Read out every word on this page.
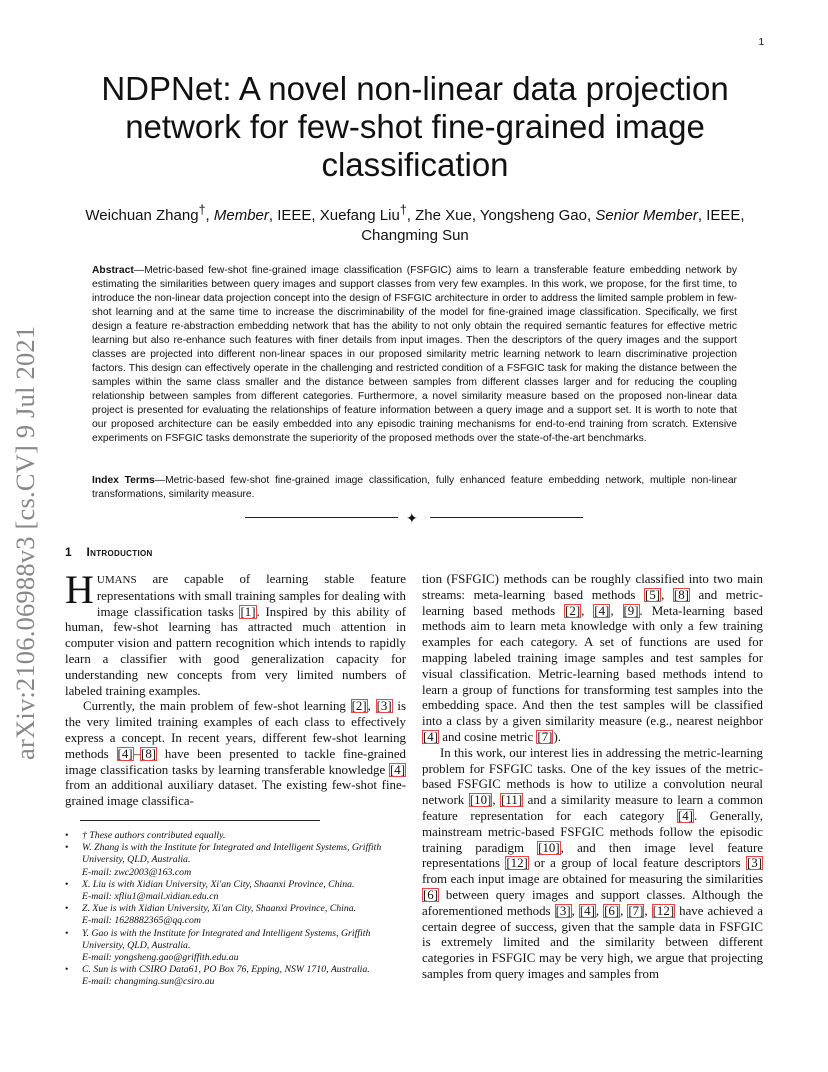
1
arXiv:2106.06988v3 [cs.CV] 9 Jul 2021
NDPNet: A novel non-linear data projection network for few-shot fine-grained image classification
Weichuan Zhang†, Member, IEEE, Xuefang Liu†, Zhe Xue, Yongsheng Gao, Senior Member, IEEE,
Changming Sun
Abstract—Metric-based few-shot fine-grained image classification (FSFGIC) aims to learn a transferable feature embedding network by estimating the similarities between query images and support classes from very few examples. In this work, we propose, for the first time, to introduce the non-linear data projection concept into the design of FSFGIC architecture in order to address the limited sample problem in few-shot learning and at the same time to increase the discriminability of the model for fine-grained image classification. Specifically, we first design a feature re-abstraction embedding network that has the ability to not only obtain the required semantic features for effective metric learning but also re-enhance such features with finer details from input images. Then the descriptors of the query images and the support classes are projected into different non-linear spaces in our proposed similarity metric learning network to learn discriminative projection factors. This design can effectively operate in the challenging and restricted condition of a FSFGIC task for making the distance between the samples within the same class smaller and the distance between samples from different classes larger and for reducing the coupling relationship between samples from different categories. Furthermore, a novel similarity measure based on the proposed non-linear data project is presented for evaluating the relationships of feature information between a query image and a support set. It is worth to note that our proposed architecture can be easily embedded into any episodic training mechanisms for end-to-end training from scratch. Extensive experiments on FSFGIC tasks demonstrate the superiority of the proposed methods over the state-of-the-art benchmarks.
Index Terms—Metric-based few-shot fine-grained image classification, fully enhanced feature embedding network, multiple non-linear transformations, similarity measure.
✦
1 Introduction

HUMANS are capable of learning stable feature representations with small training samples for dealing with image classification tasks [1]. Inspired by this ability of human, few-shot learning has attracted much attention in computer vision and pattern recognition which intends to rapidly learn a classifier with good generalization capacity for understanding new concepts from very limited numbers of labeled training examples.

Currently, the main problem of few-shot learning [2], [3] is the very limited training examples of each class to effectively express a concept. In recent years, different few-shot learning methods [4]–[8] have been presented to tackle fine-grained image classification tasks by learning transferable knowledge [4] from an additional auxiliary dataset. The existing few-shot fine-grained image classifica-

• † These authors contributed equally.
• W. Zhang is with the Institute for Integrated and Intelligent Systems, Griffith University, QLD, Australia.
E-mail: zwc2003@163.com
• X. Liu is with Xidian University, Xi'an City, Shaanxi Province, China.
E-mail: xfliu1@mail.xidian.edu.cn
• Z. Xue is with Xidian University, Xi'an City, Shaanxi Province, China.
E-mail: 1628882365@qq.com
• Y. Gao is with the Institute for Integrated and Intelligent Systems, Griffith University, QLD, Australia.
E-mail: yongsheng.gao@griffith.edu.au
• C. Sun is with CSIRO Data61, PO Box 76, Epping, NSW 1710, Australia.
E-mail: changming.sun@csiro.au

tion (FSFGIC) methods can be roughly classified into two main streams: meta-learning based methods [5], [8] and metric-learning based methods [2], [4], [9]. Meta-learning based methods aim to learn meta knowledge with only a few training examples for each category. A set of functions are used for mapping labeled training image samples and test samples for visual classification. Metric-learning based methods intend to learn a group of functions for transforming test samples into the embedding space. And then the test samples will be classified into a class by a given similarity measure (e.g., nearest neighbor [4] and cosine metric [7]).

In this work, our interest lies in addressing the metric-learning problem for FSFGIC tasks. One of the key issues of the metric-based FSFGIC methods is how to utilize a convolution neural network [10], [11] and a similarity measure to learn a common feature representation for each category [4]. Generally, mainstream metric-based FSFGIC methods follow the episodic training paradigm [10], and then image level feature representations [12] or a group of local feature descriptors [3] from each input image are obtained for measuring the similarities [6] between query images and support classes. Although the aforementioned methods [3], [4], [6], [7], [12] have achieved a certain degree of success, given that the sample data in FSFGIC is extremely limited and the similarity between different categories in FSFGIC may be very high, we argue that projecting samples from query images and samples from
